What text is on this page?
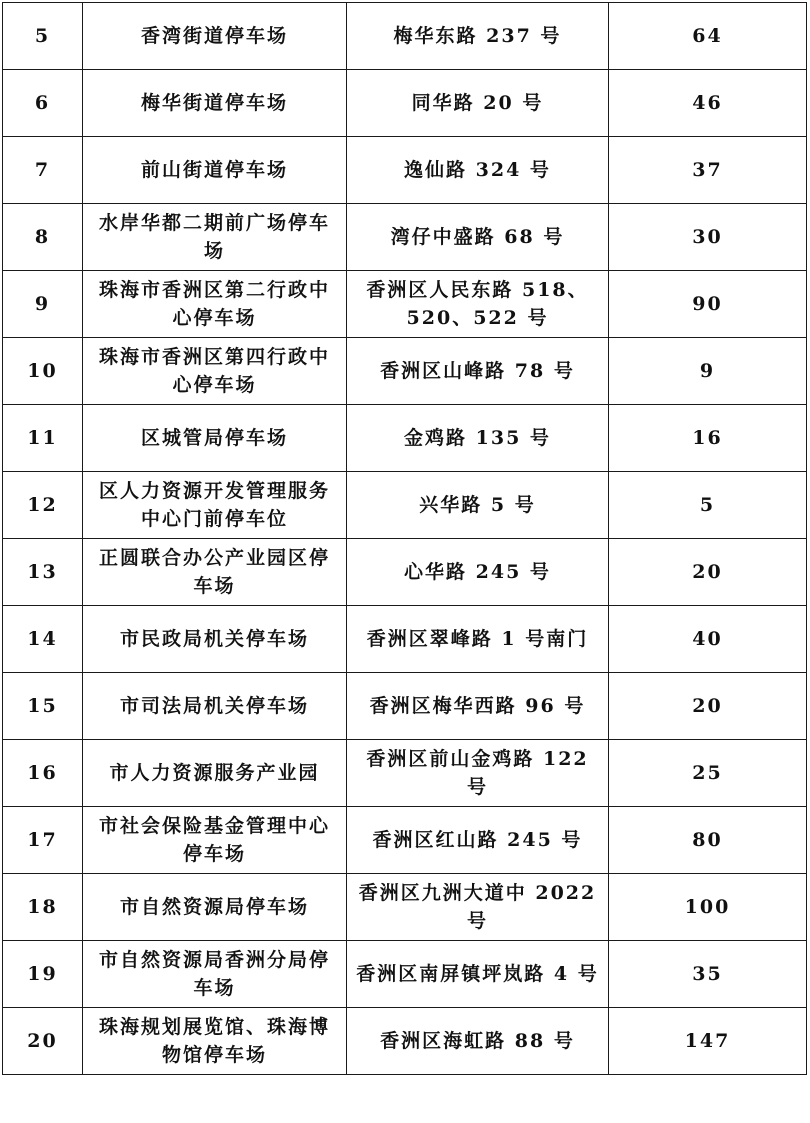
5	香湾街道停车场	梅华东路 237 号	64
6	梅华街道停车场	同华路 20 号	46
7	前山街道停车场	逸仙路 324 号	37
8	水岸华都二期前广场停车场	湾仔中盛路 68 号	30
9	珠海市香洲区第二行政中心停车场	香洲区人民东路 518、520、522 号	90
10	珠海市香洲区第四行政中心停车场	香洲区山峰路 78 号	9
11	区城管局停车场	金鸡路 135 号	16
12	区人力资源开发管理服务中心门前停车位	兴华路 5 号	5
13	正圆联合办公产业园区停车场	心华路 245 号	20
14	市民政局机关停车场	香洲区翠峰路 1 号南门	40
15	市司法局机关停车场	香洲区梅华西路 96 号	20
16	市人力资源服务产业园	香洲区前山金鸡路 122 号	25
17	市社会保险基金管理中心停车场	香洲区红山路 245 号	80
18	市自然资源局停车场	香洲区九洲大道中 2022 号	100
19	市自然资源局香洲分局停车场	香洲区南屏镇坪岚路 4 号	35
20	珠海规划展览馆、珠海博物馆停车场	香洲区海虹路 88 号	147
